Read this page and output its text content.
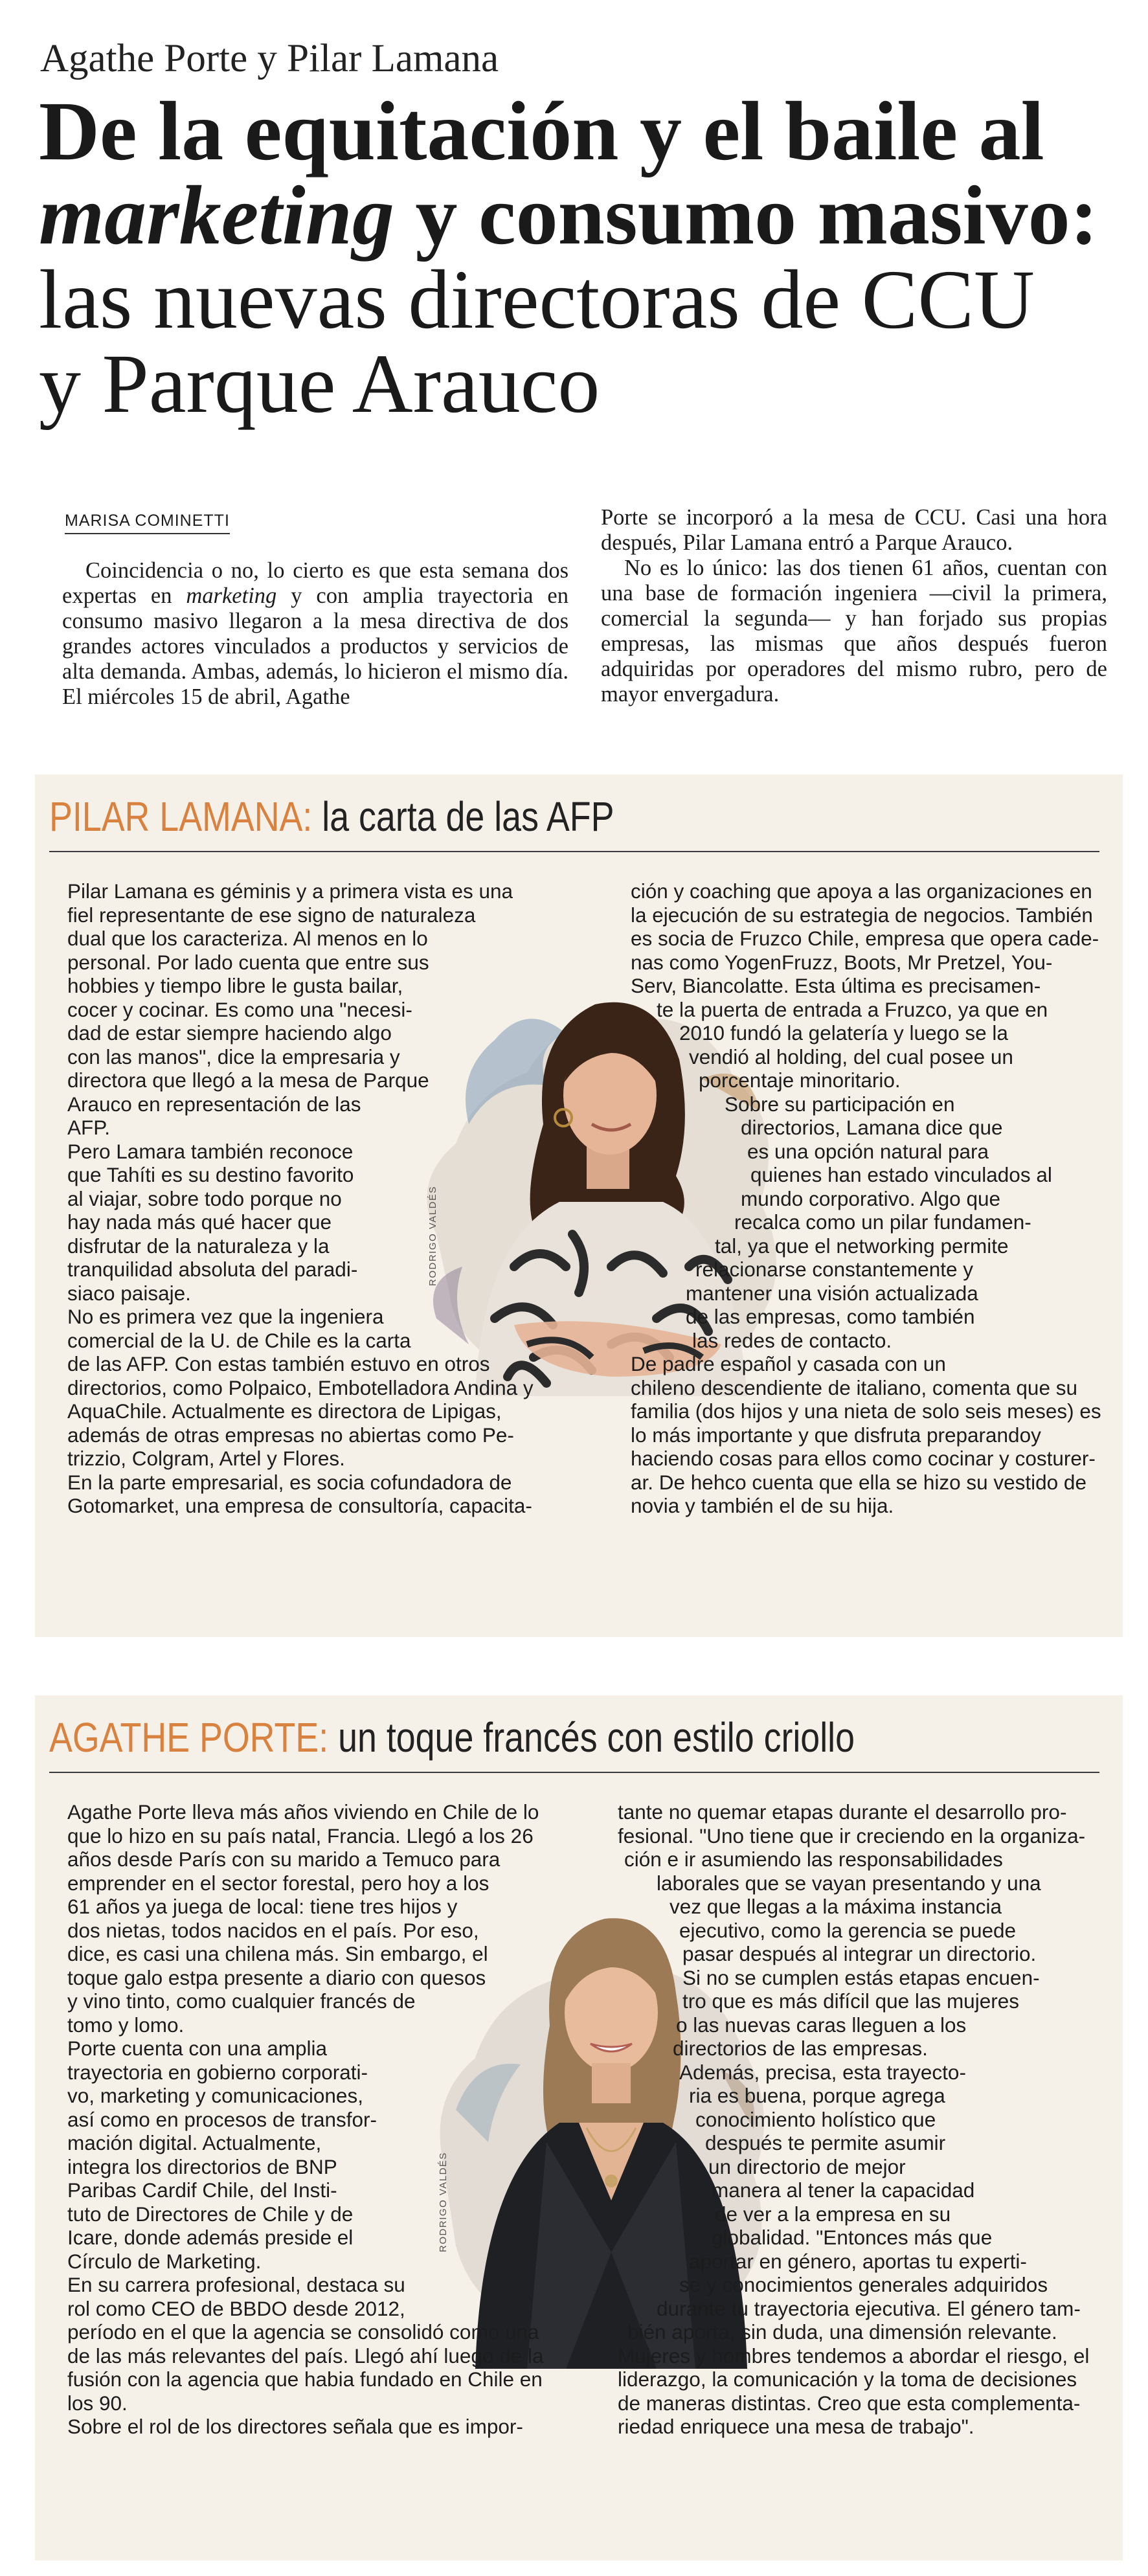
Agathe Porte y Pilar Lamana
De la equitación y el baile al
marketing y consumo masivo:
las nuevas directoras de CCU
y Parque Arauco
MARISA COMINETTI

Coincidencia o no, lo cierto es que esta semana dos expertas en marketing y con amplia trayectoria en consumo masivo llegaron a la mesa directiva de dos grandes actores vinculados a productos y servicios de alta demanda. Ambas, además, lo hicieron el mismo día. El miércoles 15 de abril, Agathe

Porte se incorporó a la mesa de CCU. Casi una hora después, Pilar Lamana entró a Parque Arauco.

No es lo único: las dos tienen 61 años, cuentan con una base de formación ingeniera —civil la primera, comercial la segunda— y han forjado sus propias empresas, las mismas que años después fueron adquiridas por operadores del mismo rubro, pero de mayor envergadura.

PILAR LAMANA: la carta de las AFP
RODRIGO VALDÉS
Pilar Lamana es géminis y a primera vista es una
fiel representante de ese signo de naturaleza
dual que los caracteriza. Al menos en lo
personal. Por lado cuenta que entre sus
hobbies y tiempo libre le gusta bailar,
cocer y cocinar. Es como una "necesi-
dad de estar siempre haciendo algo
con las manos", dice la empresaria y
directora que llegó a la mesa de Parque
Arauco en representación de las
AFP.
Pero Lamara también reconoce
que Tahíti es su destino favorito
al viajar, sobre todo porque no
hay nada más qué hacer que
disfrutar de la naturaleza y la
tranquilidad absoluta del paradi-
siaco paisaje.
No es primera vez que la ingeniera
comercial de la U. de Chile es la carta
de las AFP. Con estas también estuvo en otros
directorios, como Polpaico, Embotelladora Andina y
AquaChile. Actualmente es directora de Lipigas,
además de otras empresas no abiertas como Pe-
trizzio, Colgram, Artel y Flores.
En la parte empresarial, es socia cofundadora de
Gotomarket, una empresa de consultoría, capacita-
ción y coaching que apoya a las organizaciones en
la ejecución de su estrategia de negocios. También
es socia de Fruzco Chile, empresa que opera cade-
nas como YogenFruzz, Boots, Mr Pretzel, You-
Serv, Biancolatte. Esta última es precisamen-
te la puerta de entrada a Fruzco, ya que en
2010 fundó la gelatería y luego se la
vendió al holding, del cual posee un
porcentaje minoritario.
Sobre su participación en
directorios, Lamana dice que
es una opción natural para
quienes han estado vinculados al
mundo corporativo. Algo que
recalca como un pilar fundamen-
tal, ya que el networking permite
relacionarse constantemente y
mantener una visión actualizada
de las empresas, como también
las redes de contacto.
De padre español y casada con un
chileno descendiente de italiano, comenta que su
familia (dos hijos y una nieta de solo seis meses) es
lo más importante y que disfruta preparandoy
haciendo cosas para ellos como cocinar y costurer-
ar. De hehco cuenta que ella se hizo su vestido de
novia y también el de su hija.
AGATHE PORTE: un toque francés con estilo criollo
RODRIGO VALDÉS
Agathe Porte lleva más años viviendo en Chile de lo
que lo hizo en su país natal, Francia. Llegó a los 26
años desde París con su marido a Temuco para
emprender en el sector forestal, pero hoy a los
61 años ya juega de local: tiene tres hijos y
dos nietas, todos nacidos en el país. Por eso,
dice, es casi una chilena más. Sin embargo, el
toque galo estpa presente a diario con quesos
y vino tinto, como cualquier francés de
tomo y lomo.
Porte cuenta con una amplia
trayectoria en gobierno corporati-
vo, marketing y comunicaciones,
así como en procesos de transfor-
mación digital. Actualmente,
integra los directorios de BNP
Paribas Cardif Chile, del Insti-
tuto de Directores de Chile y de
Icare, donde además preside el
Círculo de Marketing.
En su carrera profesional, destaca su
rol como CEO de BBDO desde 2012,
período en el que la agencia se consolidó como una
de las más relevantes del país. Llegó ahí luego de la
fusión con la agencia que habia fundado en Chile en
los 90.
Sobre el rol de los directores señala que es impor-
tante no quemar etapas durante el desarrollo pro-
fesional. "Uno tiene que ir creciendo en la organiza-
ción e ir asumiendo las responsabilidades
laborales que se vayan presentando y una
vez que llegas a la máxima instancia
ejecutivo, como la gerencia se puede
pasar después al integrar un directorio.
Si no se cumplen estás etapas encuen-
tro que es más difícil que las mujeres
o las nuevas caras lleguen a los
directorios de las empresas.
Además, precisa, esta trayecto-
ria es buena, porque agrega
conocimiento holístico que
después te permite asumir
un directorio de mejor
manera al tener la capacidad
de ver a la empresa en su
globalidad. "Entonces más que
aportar en género, aportas tu experti-
se y conocimientos generales adquiridos
durante tu trayectoria ejecutiva. El género tam-
bién aporta, sin duda, una dimensión relevante.
Mujeres y hombres tendemos a abordar el riesgo, el
liderazgo, la comunicación y la toma de decisiones
de maneras distintas. Creo que esta complementa-
riedad enriquece una mesa de trabajo".
